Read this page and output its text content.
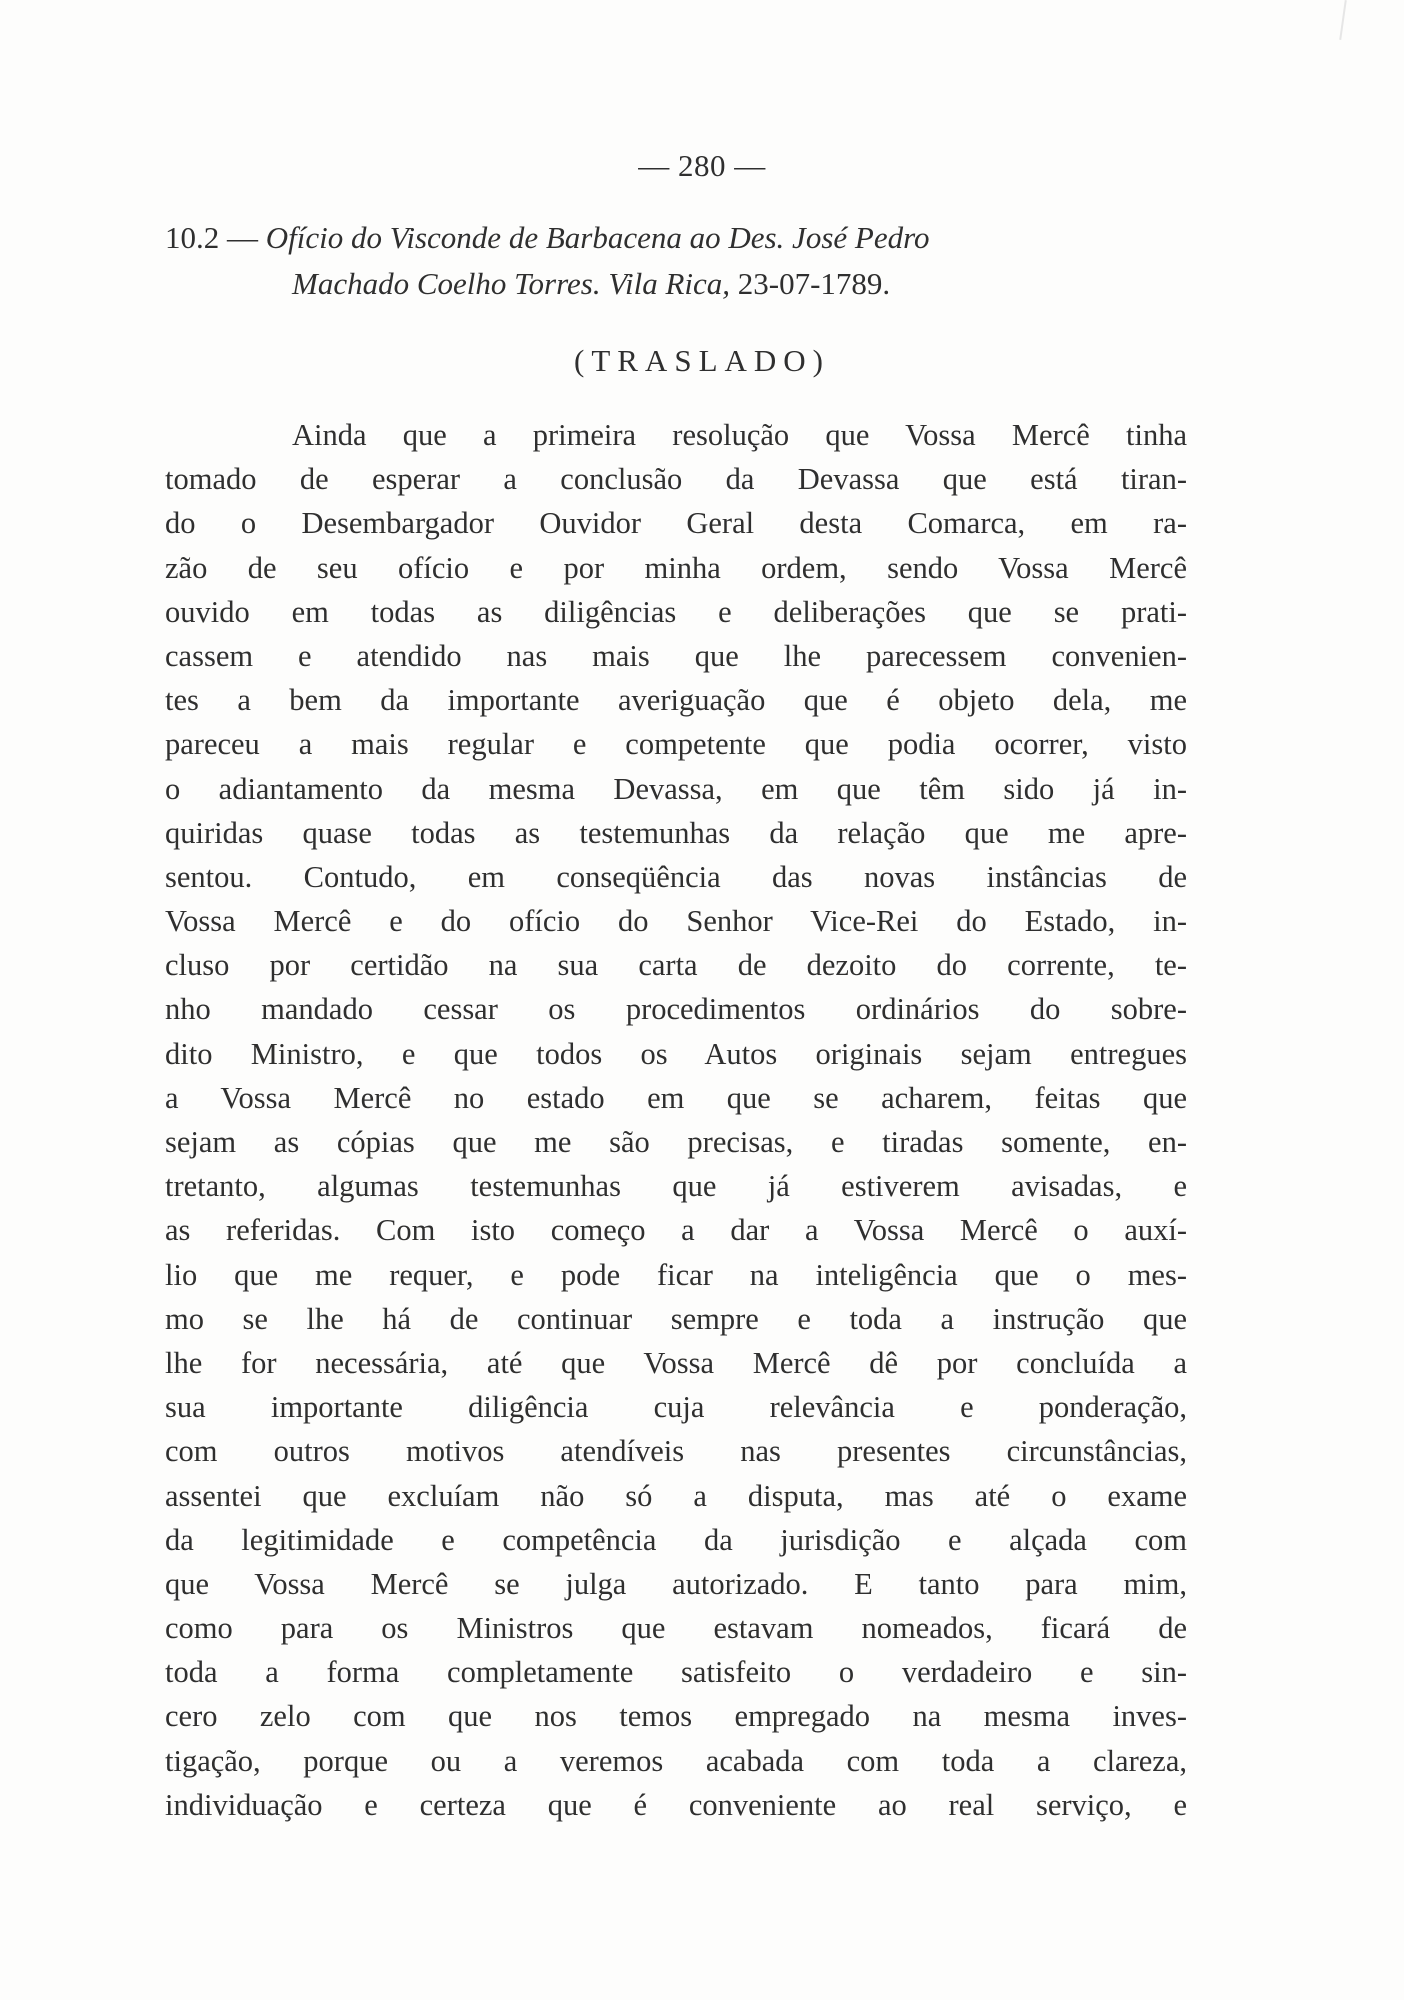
— 280 —
10.2 — Ofício do Visconde de Barbacena ao Des. José Pedro
Machado Coelho Torres. Vila Rica, 23-07-1789.
(TRASLADO)
Ainda que a primeira resolução que Vossa Mercê tinha
tomado de esperar a conclusão da Devassa que está tiran-
do o Desembargador Ouvidor Geral desta Comarca, em ra-
zão de seu ofício e por minha ordem, sendo Vossa Mercê
ouvido em todas as diligências e deliberações que se prati-
cassem e atendido nas mais que lhe parecessem convenien-
tes a bem da importante averiguação que é objeto dela, me
pareceu a mais regular e competente que podia ocorrer, visto
o adiantamento da mesma Devassa, em que têm sido já in-
quiridas quase todas as testemunhas da relação que me apre-
sentou. Contudo, em conseqüência das novas instâncias de
Vossa Mercê e do ofício do Senhor Vice-Rei do Estado, in-
cluso por certidão na sua carta de dezoito do corrente, te-
nho mandado cessar os procedimentos ordinários do sobre-
dito Ministro, e que todos os Autos originais sejam entregues
a Vossa Mercê no estado em que se acharem, feitas que
sejam as cópias que me são precisas, e tiradas somente, en-
tretanto, algumas testemunhas que já estiverem avisadas, e
as referidas. Com isto começo a dar a Vossa Mercê o auxí-
lio que me requer, e pode ficar na inteligência que o mes-
mo se lhe há de continuar sempre e toda a instrução que
lhe for necessária, até que Vossa Mercê dê por concluída a
sua importante diligência cuja relevância e ponderação,
com outros motivos atendíveis nas presentes circunstâncias,
assentei que excluíam não só a disputa, mas até o exame
da legitimidade e competência da jurisdição e alçada com
que Vossa Mercê se julga autorizado. E tanto para mim,
como para os Ministros que estavam nomeados, ficará de
toda a forma completamente satisfeito o verdadeiro e sin-
cero zelo com que nos temos empregado na mesma inves-
tigação, porque ou a veremos acabada com toda a clareza,
individuação e certeza que é conveniente ao real serviço, e
